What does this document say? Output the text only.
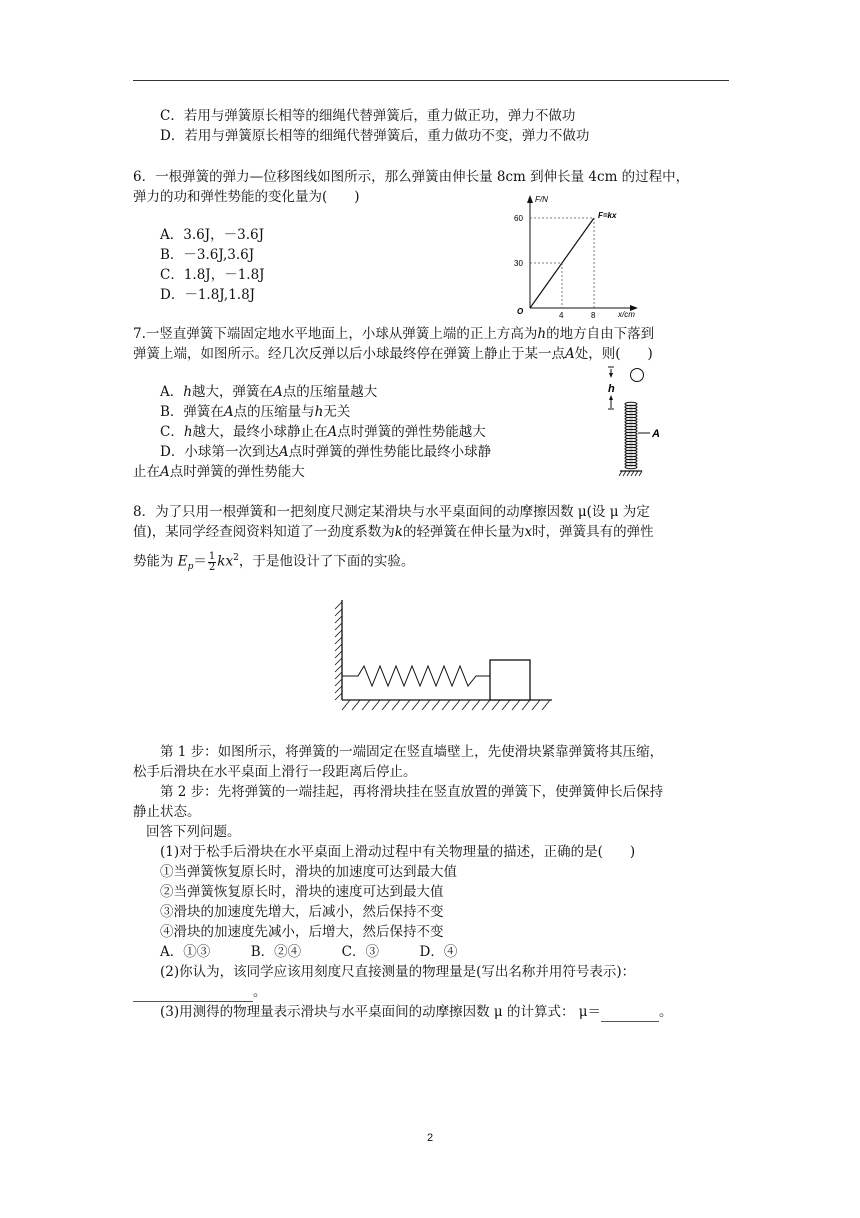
C．若用与弹簧原长相等的细绳代替弹簧后，重力做正功，弹力不做功
D．若用与弹簧原长相等的细绳代替弹簧后，重力做功不变，弹力不做功
6．一根弹簧的弹力—位移图线如图所示，那么弹簧由伸长量 8cm 到伸长量 4cm 的过程中，
弹力的功和弹性势能的变化量为(　　)
A．3.6J，－3.6J
B．－3.6J,3.6J
C．1.8J，－1.8J
D．－1.8J,1.8J
F/N
F=kx
60
30
O	4	8	x/cm
7.一竖直弹簧下端固定地水平地面上，小球从弹簧上端的正上方高为h的地方自由下落到
弹簧上端，如图所示。经几次反弹以后小球最终停在弹簧上静止于某一点A处，则(　　)
A．h越大，弹簧在A点的压缩量越大
B．弹簧在A点的压缩量与h无关
C．h越大，最终小球静止在A点时弹簧的弹性势能越大
D．小球第一次到达A点时弹簧的弹性势能比最终小球静
止在A点时弹簧的弹性势能大
h
A
8．为了只用一根弹簧和一把刻度尺测定某滑块与水平桌面间的动摩擦因数 μ(设 μ 为定
值)，某同学经查阅资料知道了一劲度系数为k的轻弹簧在伸长量为x时，弹簧具有的弹性
势能为 $E_p= \frac{1}{2} kx^2$，于是他设计了下面的实验。
第 1 步：如图所示，将弹簧的一端固定在竖直墙壁上，先使滑块紧靠弹簧将其压缩，
松手后滑块在水平桌面上滑行一段距离后停止。
第 2 步：先将弹簧的一端挂起，再将滑块挂在竖直放置的弹簧下，使弹簧伸长后保持
静止状态。
回答下列问题。
(1)对于松手后滑块在水平桌面上滑动过程中有关物理量的描述，正确的是(　　)
①当弹簧恢复原长时，滑块的加速度可达到最大值
②当弹簧恢复原长时，滑块的速度可达到最大值
③滑块的加速度先增大，后减小，然后保持不变
④滑块的加速度先减小，后增大，然后保持不变
A．①③　　　B．②④　　　C．③　　　D．④
(2)你认为，该同学应该用刻度尺直接测量的物理量是(写出名称并用符号表示)：
。
(3)用测得的物理量表示滑块与水平桌面间的动摩擦因数 μ 的计算式： μ＝	。
2
